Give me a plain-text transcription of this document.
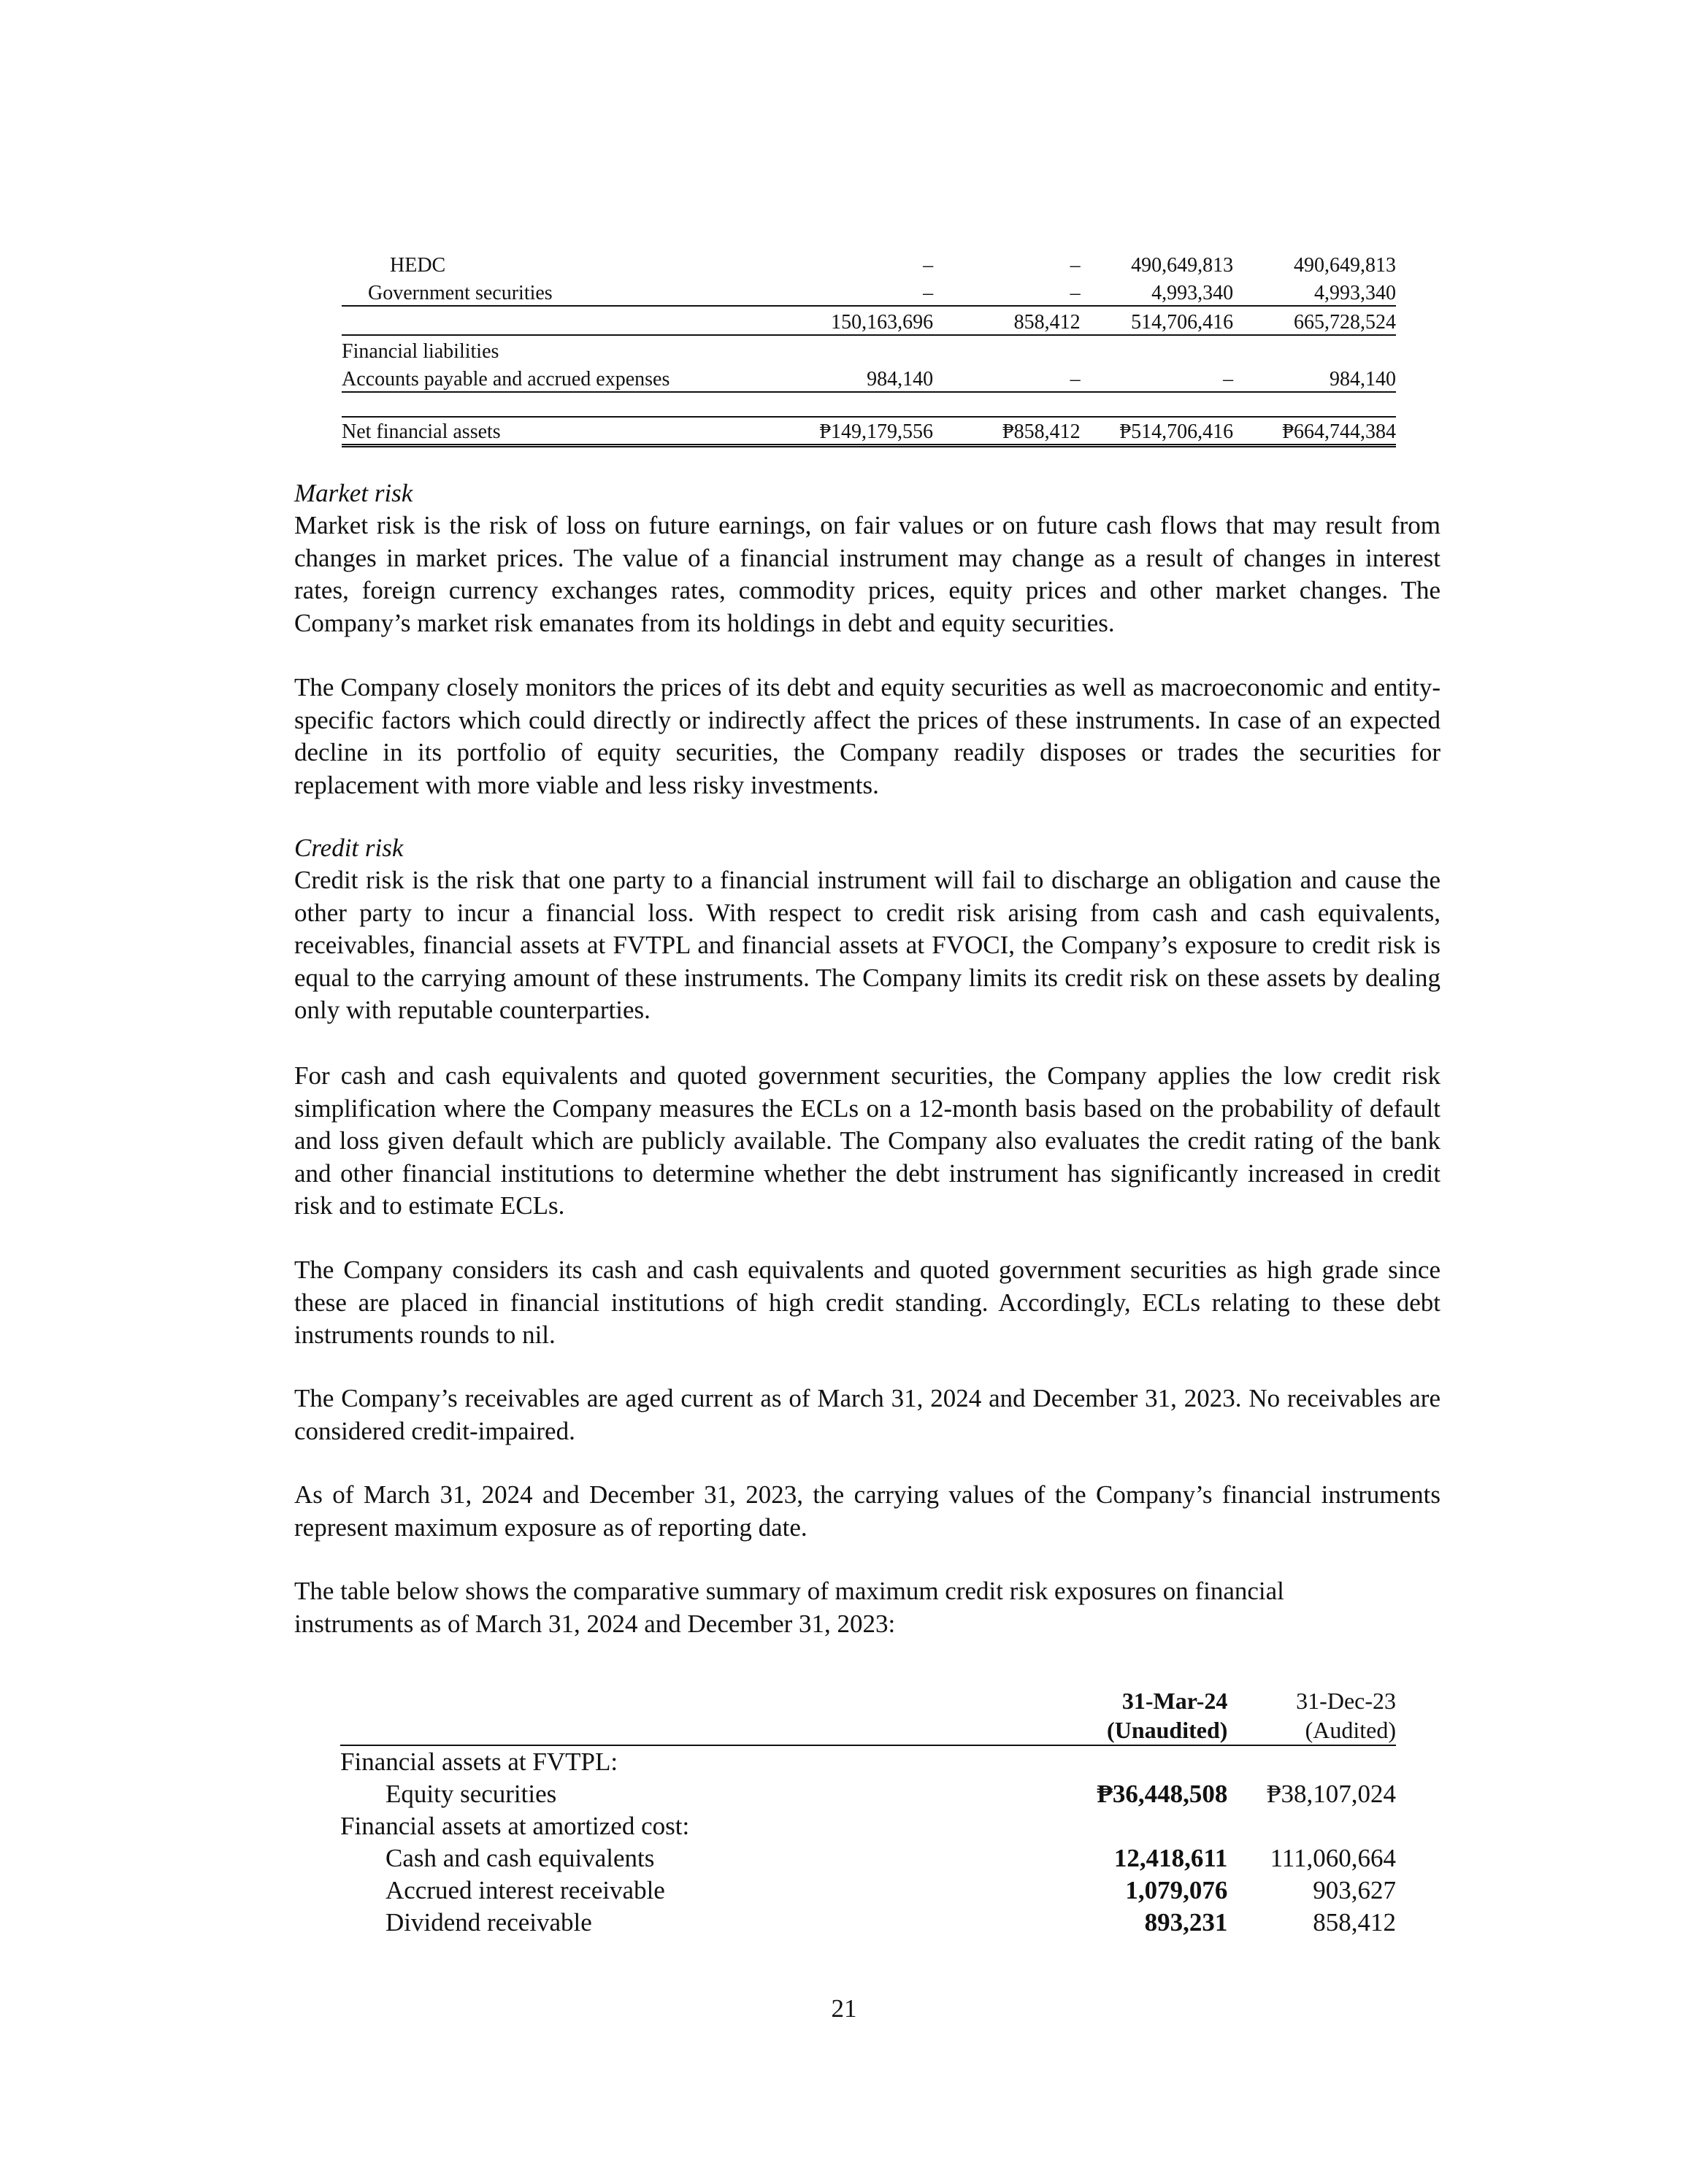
HEDC	–	–	490,649,813	490,649,813
Government securities	–	–	4,993,340	4,993,340
	150,163,696	858,412	514,706,416	665,728,524
Financial liabilities				
Accounts payable and accrued expenses	984,140	–	–	984,140

Net financial assets	₱149,179,556	₱858,412	₱514,706,416	₱664,744,384
Market risk

Market risk is the risk of loss on future earnings, on fair values or on future cash flows that may result from changes in market prices. The value of a financial instrument may change as a result of changes in interest rates, foreign currency exchanges rates, commodity prices, equity prices and other market changes. The Company’s market risk emanates from its holdings in debt and equity securities.

The Company closely monitors the prices of its debt and equity securities as well as macroeconomic and entity-specific factors which could directly or indirectly affect the prices of these instruments. In case of an expected decline in its portfolio of equity securities, the Company readily disposes or trades the securities for replacement with more viable and less risky investments.

Credit risk

Credit risk is the risk that one party to a financial instrument will fail to discharge an obligation and cause the other party to incur a financial loss. With respect to credit risk arising from cash and cash equivalents, receivables, financial assets at FVTPL and financial assets at FVOCI, the Company’s exposure to credit risk is equal to the carrying amount of these instruments. The Company limits its credit risk on these assets by dealing only with reputable counterparties.

For cash and cash equivalents and quoted government securities, the Company applies the low credit risk simplification where the Company measures the ECLs on a 12-month basis based on the probability of default and loss given default which are publicly available. The Company also evaluates the credit rating of the bank and other financial institutions to determine whether the debt instrument has significantly increased in credit risk and to estimate ECLs.

The Company considers its cash and cash equivalents and quoted government securities as high grade since these are placed in financial institutions of high credit standing. Accordingly, ECLs relating to these debt instruments rounds to nil.

The Company’s receivables are aged current as of March 31, 2024 and December 31, 2023. No receivables are considered credit-impaired.

As of March 31, 2024 and December 31, 2023, the carrying values of the Company’s financial instruments represent maximum exposure as of reporting date.

The table below shows the comparative summary of maximum credit risk exposures on financial instruments as of March 31, 2024 and December 31, 2023:

	31-Mar-24	31-Dec-23
	(Unaudited)	(Audited)
Financial assets at FVTPL:		
Equity securities	₱36,448,508	₱38,107,024
Financial assets at amortized cost:		
Cash and cash equivalents	12,418,611	111,060,664
Accrued interest receivable	1,079,076	903,627
Dividend receivable	893,231	858,412
21
